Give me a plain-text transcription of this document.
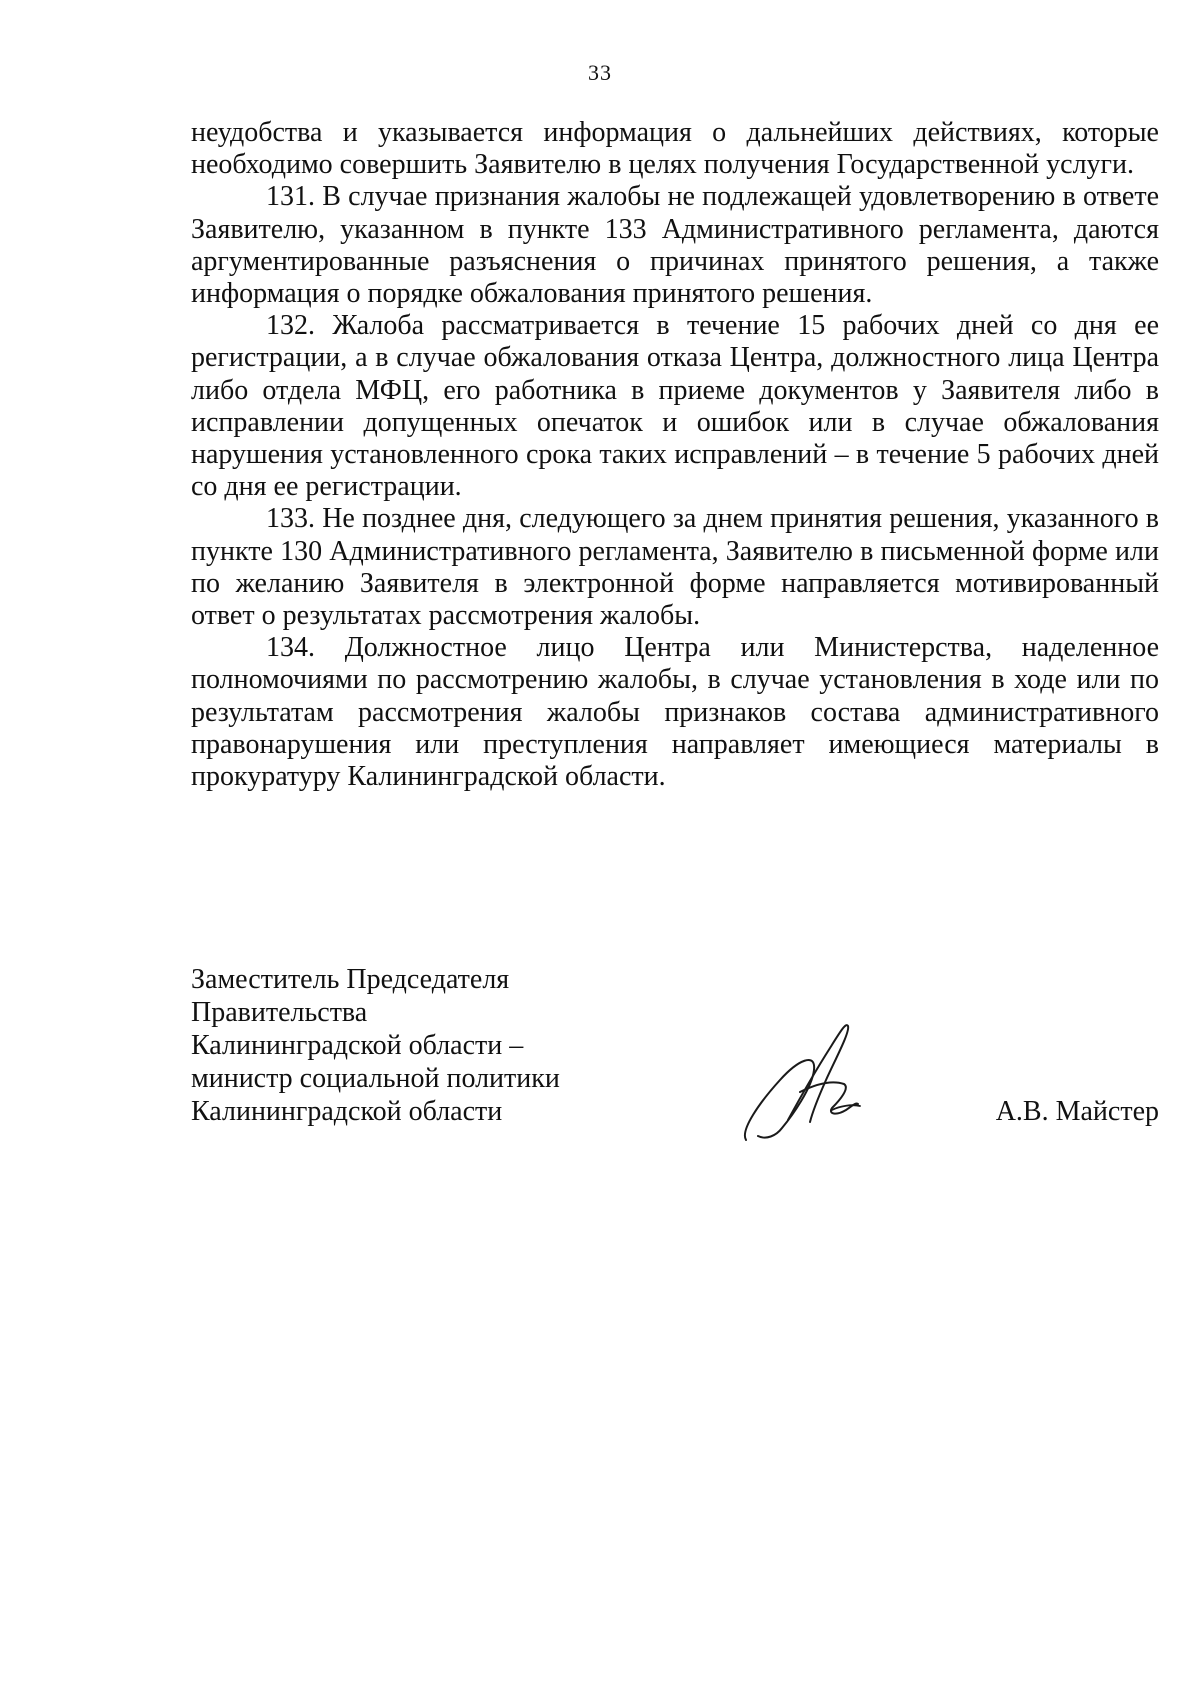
33

неудобства и указывается информация о дальнейших действиях, которые необходимо совершить Заявителю в целях получения Государственной услуги.

131. В случае признания жалобы не подлежащей удовлетворению в ответе Заявителю, указанном в пункте 133 Административного регламента, даются аргументированные разъяснения о причинах принятого решения, а также информация о порядке обжалования принятого решения.

132. Жалоба рассматривается в течение 15 рабочих дней со дня ее регистрации, а в случае обжалования отказа Центра, должностного лица Центра либо отдела МФЦ, его работника в приеме документов у Заявителя либо в исправлении допущенных опечаток и ошибок или в случае обжалования нарушения установленного срока таких исправлений – в течение 5 рабочих дней со дня ее регистрации.

133. Не позднее дня, следующего за днем принятия решения, указанного в пункте 130 Административного регламента, Заявителю в письменной форме или по желанию Заявителя в электронной форме направляется мотивированный ответ о результатах рассмотрения жалобы.

134. Должностное лицо Центра или Министерства, наделенное полномочиями по рассмотрению жалобы, в случае установления в ходе или по результатам рассмотрения жалобы признаков состава административного правонарушения или преступления направляет имеющиеся материалы в прокуратуру Калининградской области.

Заместитель Председателя
Правительства
Калининградской области –
министр социальной политики
Калининградской области	А.В. Майстер
